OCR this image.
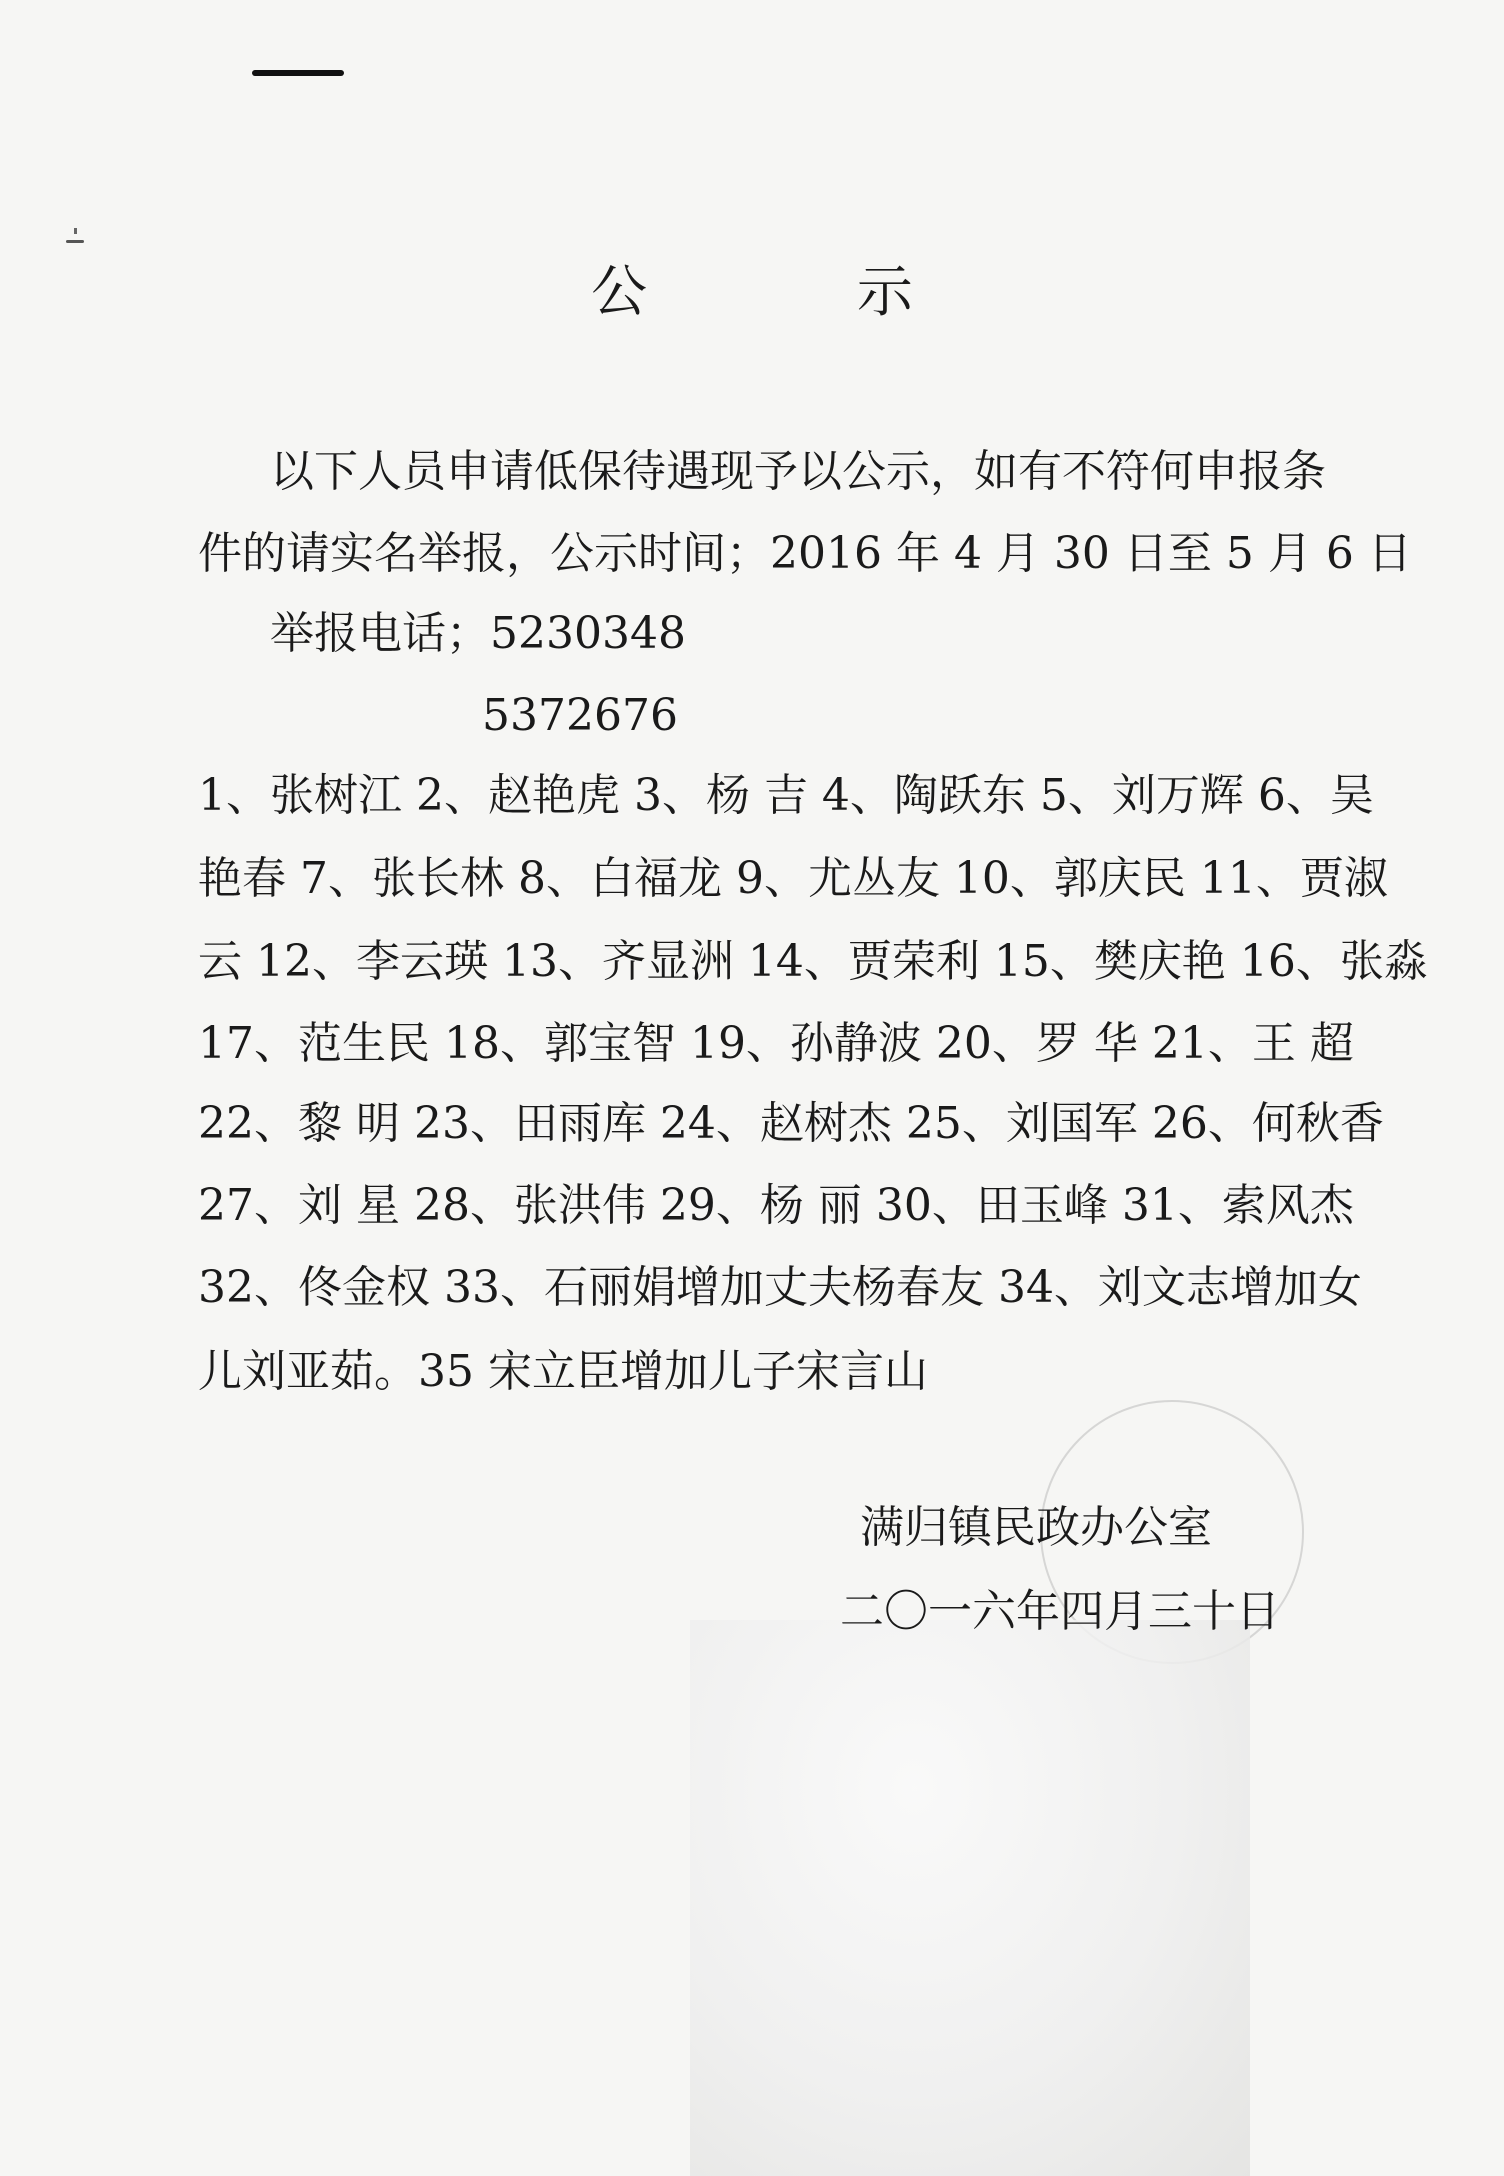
公 示
以下人员申请低保待遇现予以公示，如有不符何申报条
件的请实名举报，公示时间；2016 年 4 月 30 日至 5 月 6 日
举报电话；5230348
5372676
1、张树江 2、赵艳虎 3、杨 吉 4、陶跃东 5、刘万辉 6、吴
艳春 7、张长林 8、白福龙 9、尤丛友 10、郭庆民 11、贾淑
云 12、李云瑛 13、齐显洲 14、贾荣利 15、樊庆艳 16、张淼
17、范生民 18、郭宝智 19、孙静波 20、罗 华 21、王 超
22、黎 明 23、田雨库 24、赵树杰 25、刘国军 26、何秋香
27、刘 星 28、张洪伟 29、杨 丽 30、田玉峰 31、索风杰
32、佟金权 33、石丽娟增加丈夫杨春友 34、刘文志增加女
儿刘亚茹。35 宋立臣增加儿子宋言山
满归镇民政办公室
二〇一六年四月三十日
